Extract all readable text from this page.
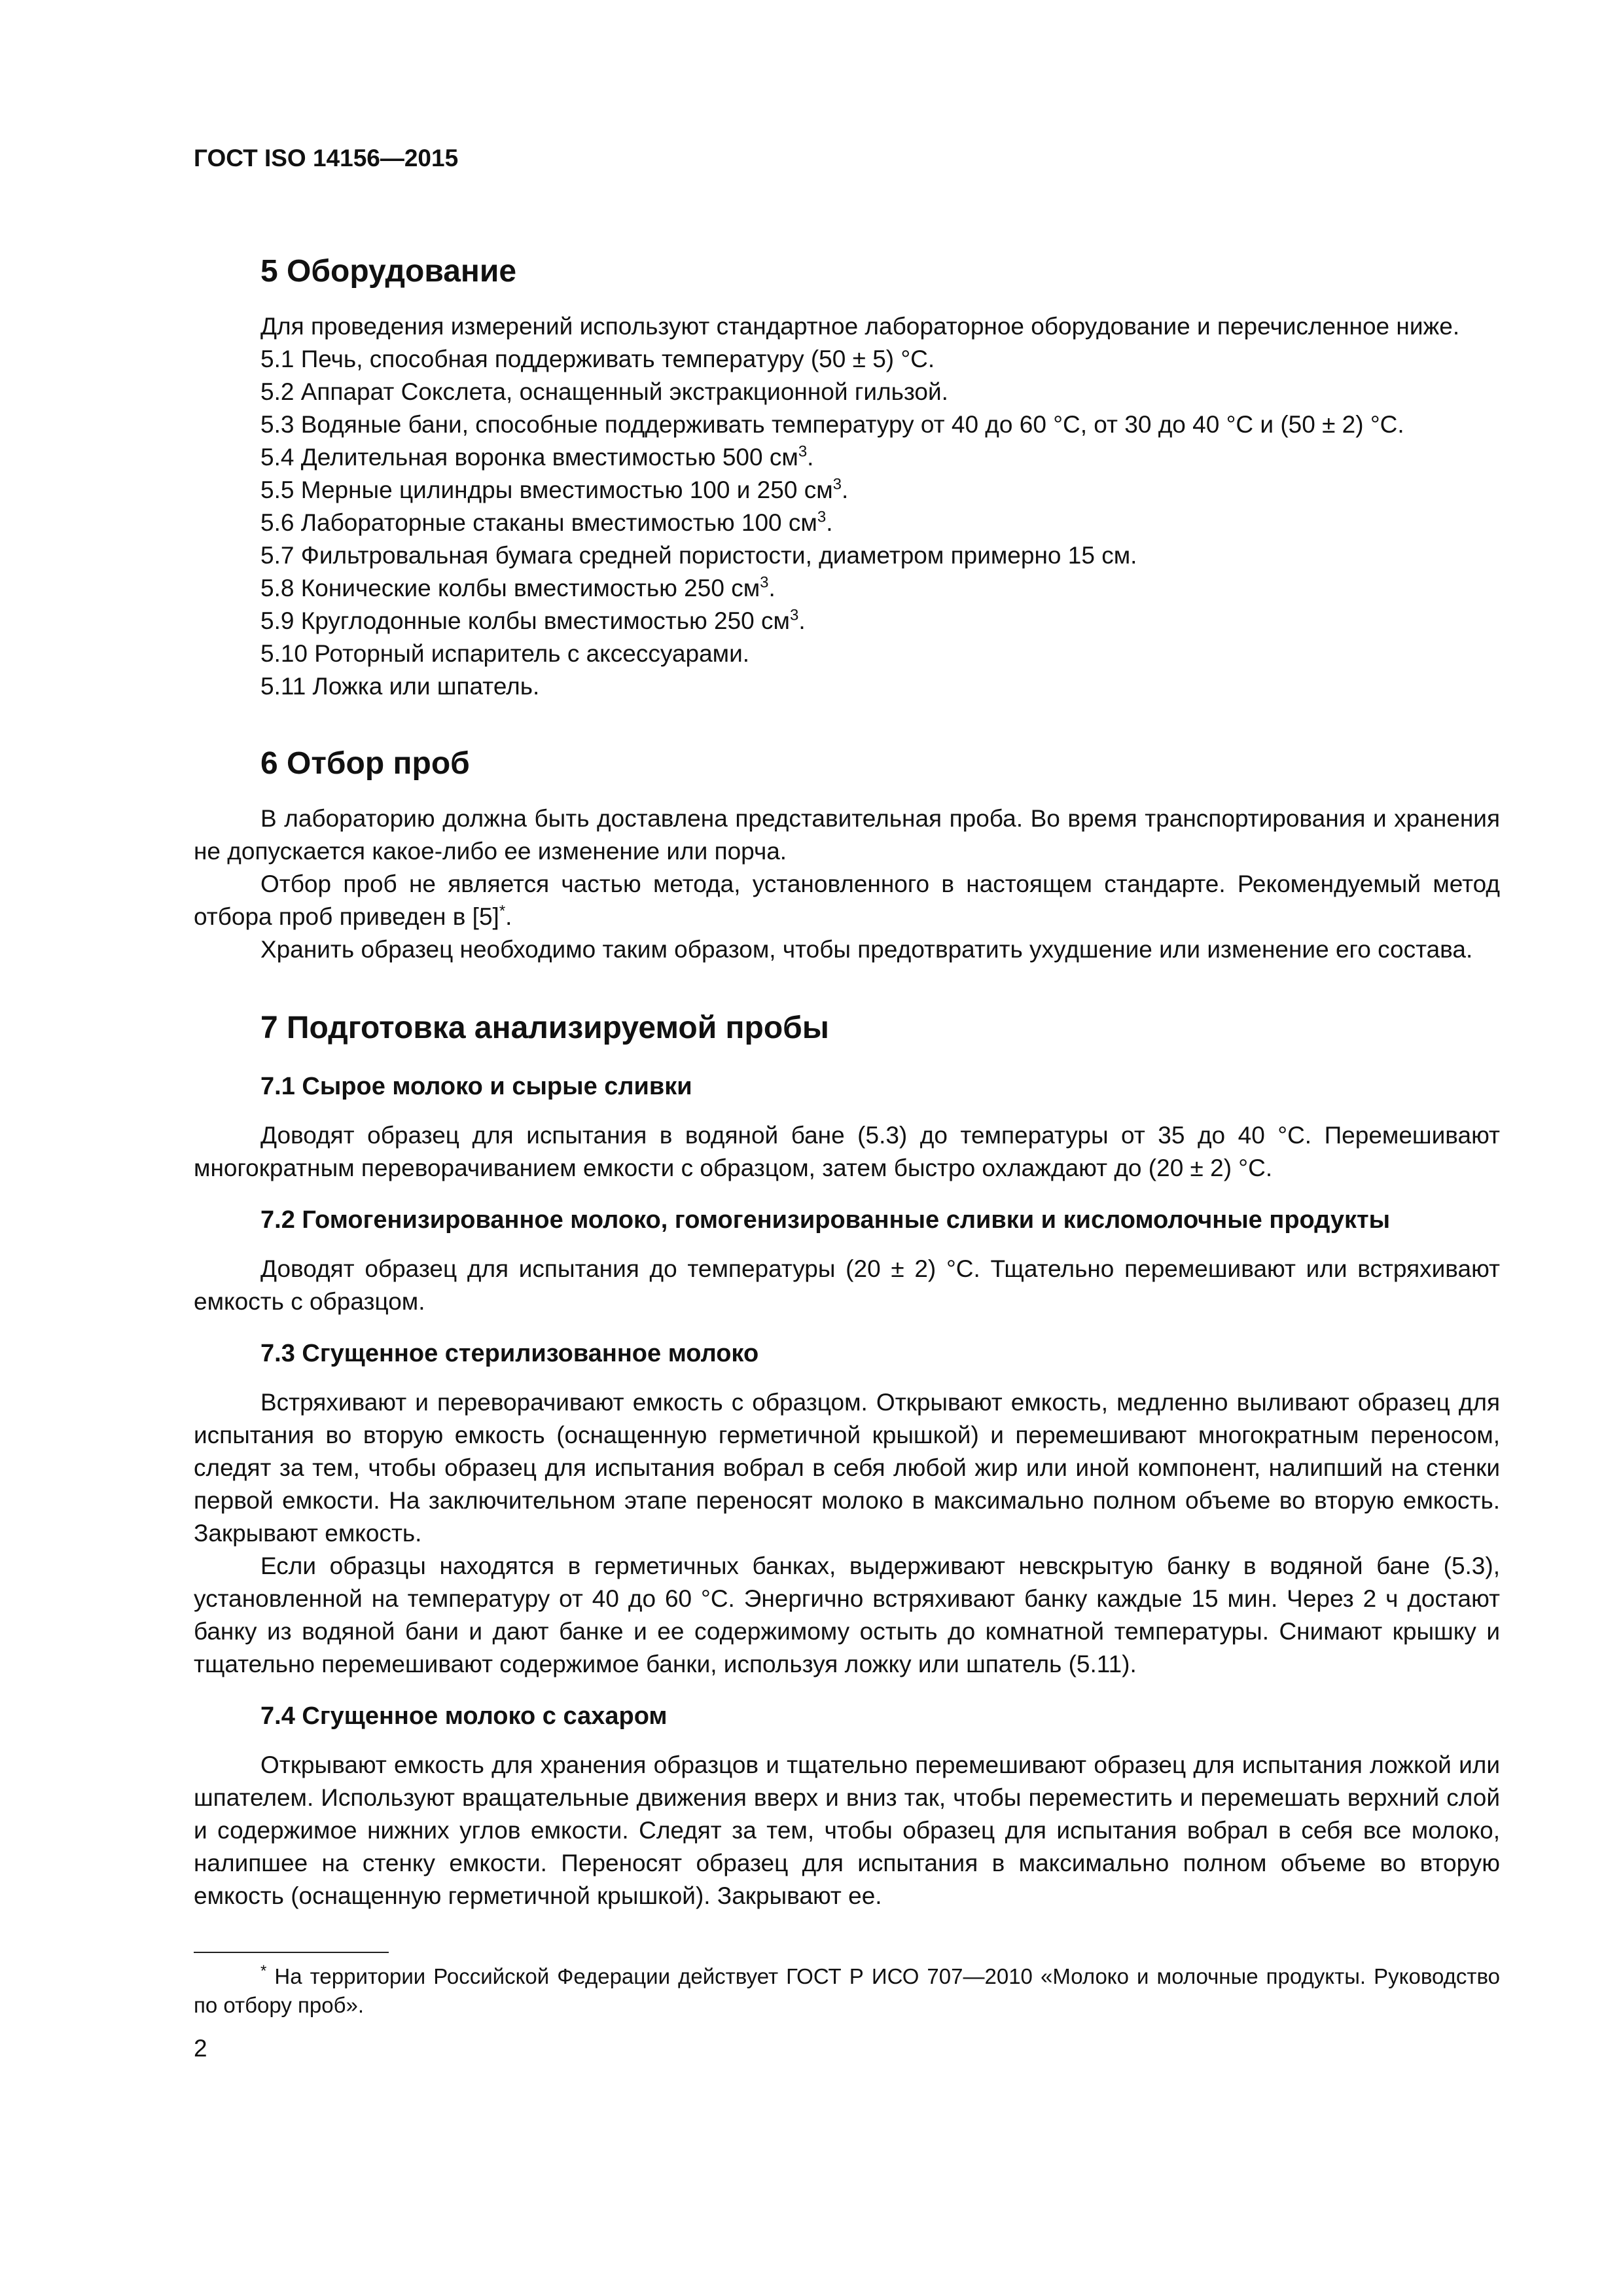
ГОСТ ISO 14156—2015
5 Оборудование

Для проведения измерений используют стандартное лабораторное оборудование и перечисленное ниже.

5.1 Печь, способная поддерживать температуру (50 ± 5) °С.

5.2 Аппарат Сокслета, оснащенный экстракционной гильзой.

5.3 Водяные бани, способные поддерживать температуру от 40 до 60 °С, от 30 до 40 °С и (50 ± 2) °С.

5.4 Делительная воронка вместимостью 500 $см^3$.

5.5 Мерные цилиндры вместимостью 100 и 250 $см^3$.

5.6 Лабораторные стаканы вместимостью 100 $см^3$.

5.7 Фильтровальная бумага средней пористости, диаметром примерно 15 см.

5.8 Конические колбы вместимостью 250 $см^3$.

5.9 Круглодонные колбы вместимостью 250 $см^3$.

5.10 Роторный испаритель с аксессуарами.

5.11 Ложка или шпатель.

6 Отбор проб

В лабораторию должна быть доставлена представительная проба. Во время транспортирования и хранения не допускается какое-либо ее изменение или порча.

Отбор проб не является частью метода, установленного в настоящем стандарте. Рекомендуемый метод отбора проб приведен в [5]*.

Хранить образец необходимо таким образом, чтобы предотвратить ухудшение или изменение его состава.

7 Подготовка анализируемой пробы
7.1 Сырое молоко и сырые сливки

Доводят образец для испытания в водяной бане (5.3) до температуры от 35 до 40 °С. Перемешивают многократным переворачиванием емкости с образцом, затем быстро охлаждают до (20 ± 2) °С.

7.2 Гомогенизированное молоко, гомогенизированные сливки и кисломолочные продукты

Доводят образец для испытания до температуры (20 ± 2) °С. Тщательно перемешивают или встряхивают емкость с образцом.

7.3 Сгущенное стерилизованное молоко

Встряхивают и переворачивают емкость с образцом. Открывают емкость, медленно выливают образец для испытания во вторую емкость (оснащенную герметичной крышкой) и перемешивают многократным переносом, следят за тем, чтобы образец для испытания вобрал в себя любой жир или иной компонент, налипший на стенки первой емкости. На заключительном этапе переносят молоко в максимально полном объеме во вторую емкость. Закрывают емкость.

Если образцы находятся в герметичных банках, выдерживают невскрытую банку в водяной бане (5.3), установленной на температуру от 40 до 60 °С. Энергично встряхивают банку каждые 15 мин. Через 2 ч достают банку из водяной бани и дают банке и ее содержимому остыть до комнатной температуры. Снимают крышку и тщательно перемешивают содержимое банки, используя ложку или шпатель (5.11).

7.4 Сгущенное молоко с сахаром

Открывают емкость для хранения образцов и тщательно перемешивают образец для испытания ложкой или шпателем. Используют вращательные движения вверх и вниз так, чтобы переместить и перемешать верхний слой и содержимое нижних углов емкости. Следят за тем, чтобы образец для испытания вобрал в себя все молоко, налипшее на стенку емкости. Переносят образец для испытания в максимально полном объеме во вторую емкость (оснащенную герметичной крышкой). Закрывают ее.

* На территории Российской Федерации действует ГОСТ Р ИСО 707—2010 «Молоко и молочные продукты. Руководство по отбору проб».

2
